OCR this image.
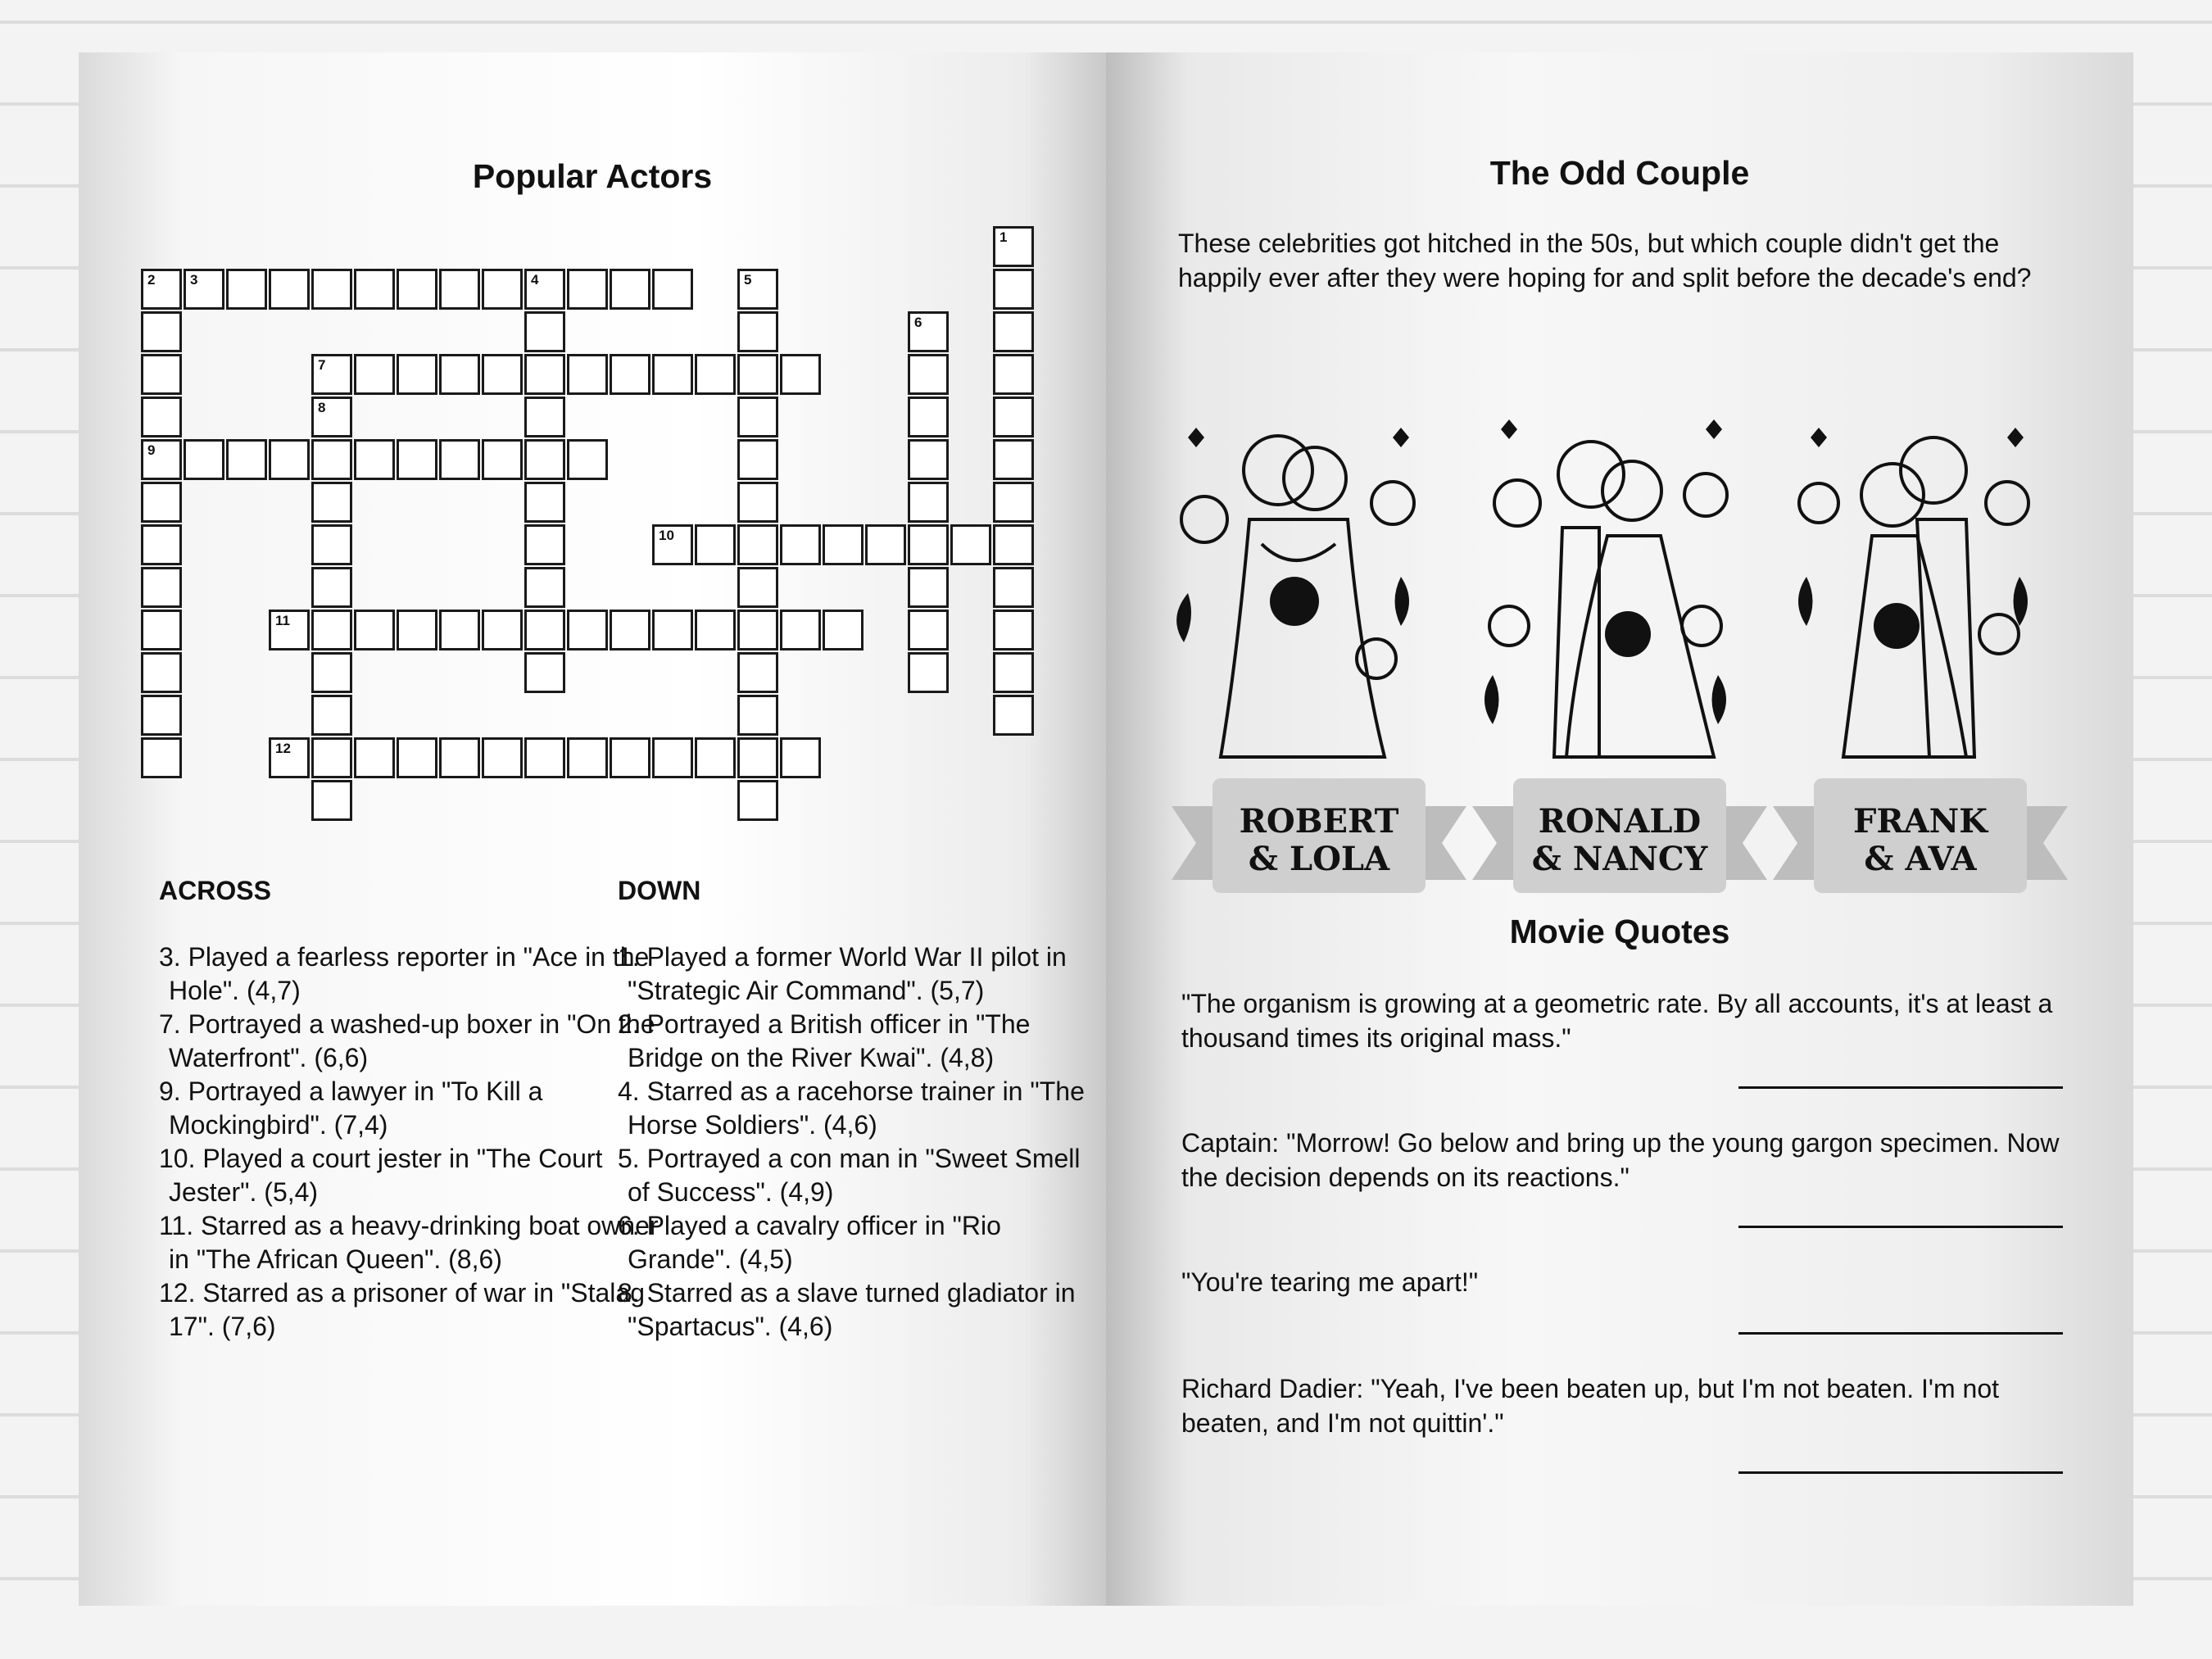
Popular Actors
3	4
7
9
10
11
12
1
2	5
6
8
ACROSS
3. Played a fearless reporter in "Ace in the Hole". (4,7)
7. Portrayed a washed-up boxer in "On the Waterfront". (6,6)
9. Portrayed a lawyer in "To Kill a Mockingbird". (7,4)
10. Played a court jester in "The Court Jester". (5,4)
11. Starred as a heavy-drinking boat owner in "The African Queen". (8,6)
12. Starred as a prisoner of war in "Stalag 17". (7,6)
DOWN
1. Played a former World War II pilot in "Strategic Air Command". (5,7)
2. Portrayed a British officer in "The Bridge on the River Kwai". (4,8)
4. Starred as a racehorse trainer in "The Horse Soldiers". (4,6)
5. Portrayed a con man in "Sweet Smell of Success". (4,9)
6. Played a cavalry officer in "Rio Grande". (4,5)
8. Starred as a slave turned gladiator in "Spartacus". (4,6)
The Odd Couple

These celebrities got hitched in the 50s, but which couple didn't get the happily ever after they were hoping for and split before the decade's end?

ROBERT
& LOLA
RONALD
& NANCY
FRANK
& AVA
Movie Quotes

"The organism is growing at a geometric rate. By all accounts, it's at least a thousand times its original mass."

Captain: "Morrow! Go below and bring up the young gargon specimen. Now the decision depends on its reactions."

"You're tearing me apart!"

Richard Dadier: "Yeah, I've been beaten up, but I'm not beaten. I'm not beaten, and I'm not quittin'."
